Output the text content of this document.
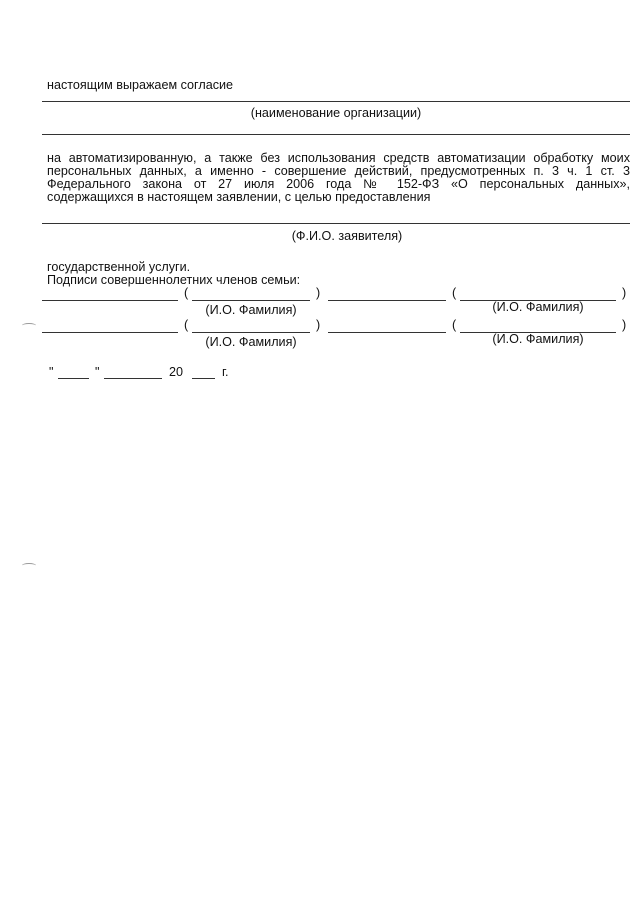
настоящим выражаем согласие
(наименование организации)
на автоматизированную, а также без использования средств автоматизации обработку моих
персональных данных, а именно - совершение действий, предусмотренных п. 3 ч. 1 ст. 3
Федерального закона от 27 июля 2006 года № 152-ФЗ «О персональных данных»,
содержащихся в настоящем заявлении, с целью предоставления
(Ф.И.О. заявителя)
государственной услуги.
Подписи совершеннолетних членов семьи:
(	)	(	)
(И.О. Фамилия)	(И.О. Фамилия)
(	)	(	)
(И.О. Фамилия)	(И.О. Фамилия)
"	"	20	г.
